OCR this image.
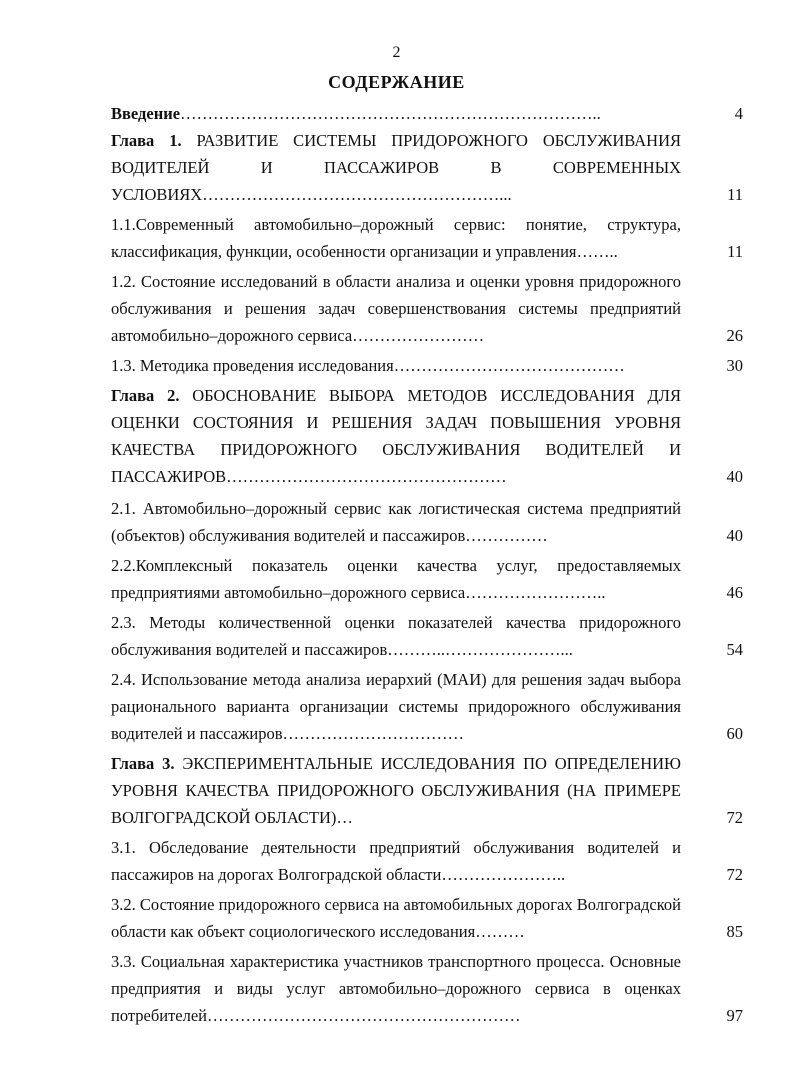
2
СОДЕРЖАНИЕ
Введение…………………………………………………………………..	4
Глава 1. РАЗВИТИЕ СИСТЕМЫ ПРИДОРОЖНОГО ОБСЛУЖИВАНИЯ ВОДИТЕЛЕЙ И ПАССАЖИРОВ В СОВРЕМЕННЫХ УСЛОВИЯХ………………………………………………...	11
1.1.Современный автомобильно–дорожный сервис: понятие, структура, классификация, функции, особенности организации и управления……..	11
1.2. Состояние исследований в области анализа и оценки уровня придорожного обслуживания и решения задач совершенствования системы предприятий автомобильно–дорожного сервиса……………………	26
1.3. Методика проведения исследования……………………………………	30
Глава 2. ОБОСНОВАНИЕ ВЫБОРА МЕТОДОВ ИССЛЕДОВАНИЯ ДЛЯ ОЦЕНКИ СОСТОЯНИЯ И РЕШЕНИЯ ЗАДАЧ ПОВЫШЕНИЯ УРОВНЯ КАЧЕСТВА ПРИДОРОЖНОГО ОБСЛУЖИВАНИЯ ВОДИТЕЛЕЙ И ПАССАЖИРОВ……………………………………………	40
2.1. Автомобильно–дорожный сервис как логистическая система предприятий (объектов) обслуживания водителей и пассажиров……………	40
2.2.Комплексный показатель оценки качества услуг, предоставляемых предприятиями автомобильно–дорожного сервиса……………………..	46
2.3. Методы количественной оценки показателей качества придорожного обслуживания водителей и пассажиров………..…………………...	54
2.4. Использование метода анализа иерархий (МАИ) для решения задач выбора рационального варианта организации системы придорожного обслуживания водителей и пассажиров……………………………	60
Глава 3. ЭКСПЕРИМЕНТАЛЬНЫЕ ИССЛЕДОВАНИЯ ПО ОПРЕДЕЛЕНИЮ УРОВНЯ КАЧЕСТВА ПРИДОРОЖНОГО ОБСЛУЖИВАНИЯ (НА ПРИМЕРЕ ВОЛГОГРАДСКОЙ ОБЛАСТИ)…	72
3.1. Обследование деятельности предприятий обслуживания водителей и пассажиров на дорогах Волгоградской области…………………..	72
3.2. Состояние придорожного сервиса на автомобильных дорогах Волгоградской области как объект социологического исследования………	85
3.3. Социальная характеристика участников транспортного процесса. Основные предприятия и виды услуг автомобильно–дорожного сервиса в оценках потребителей…………………………………………………	97
